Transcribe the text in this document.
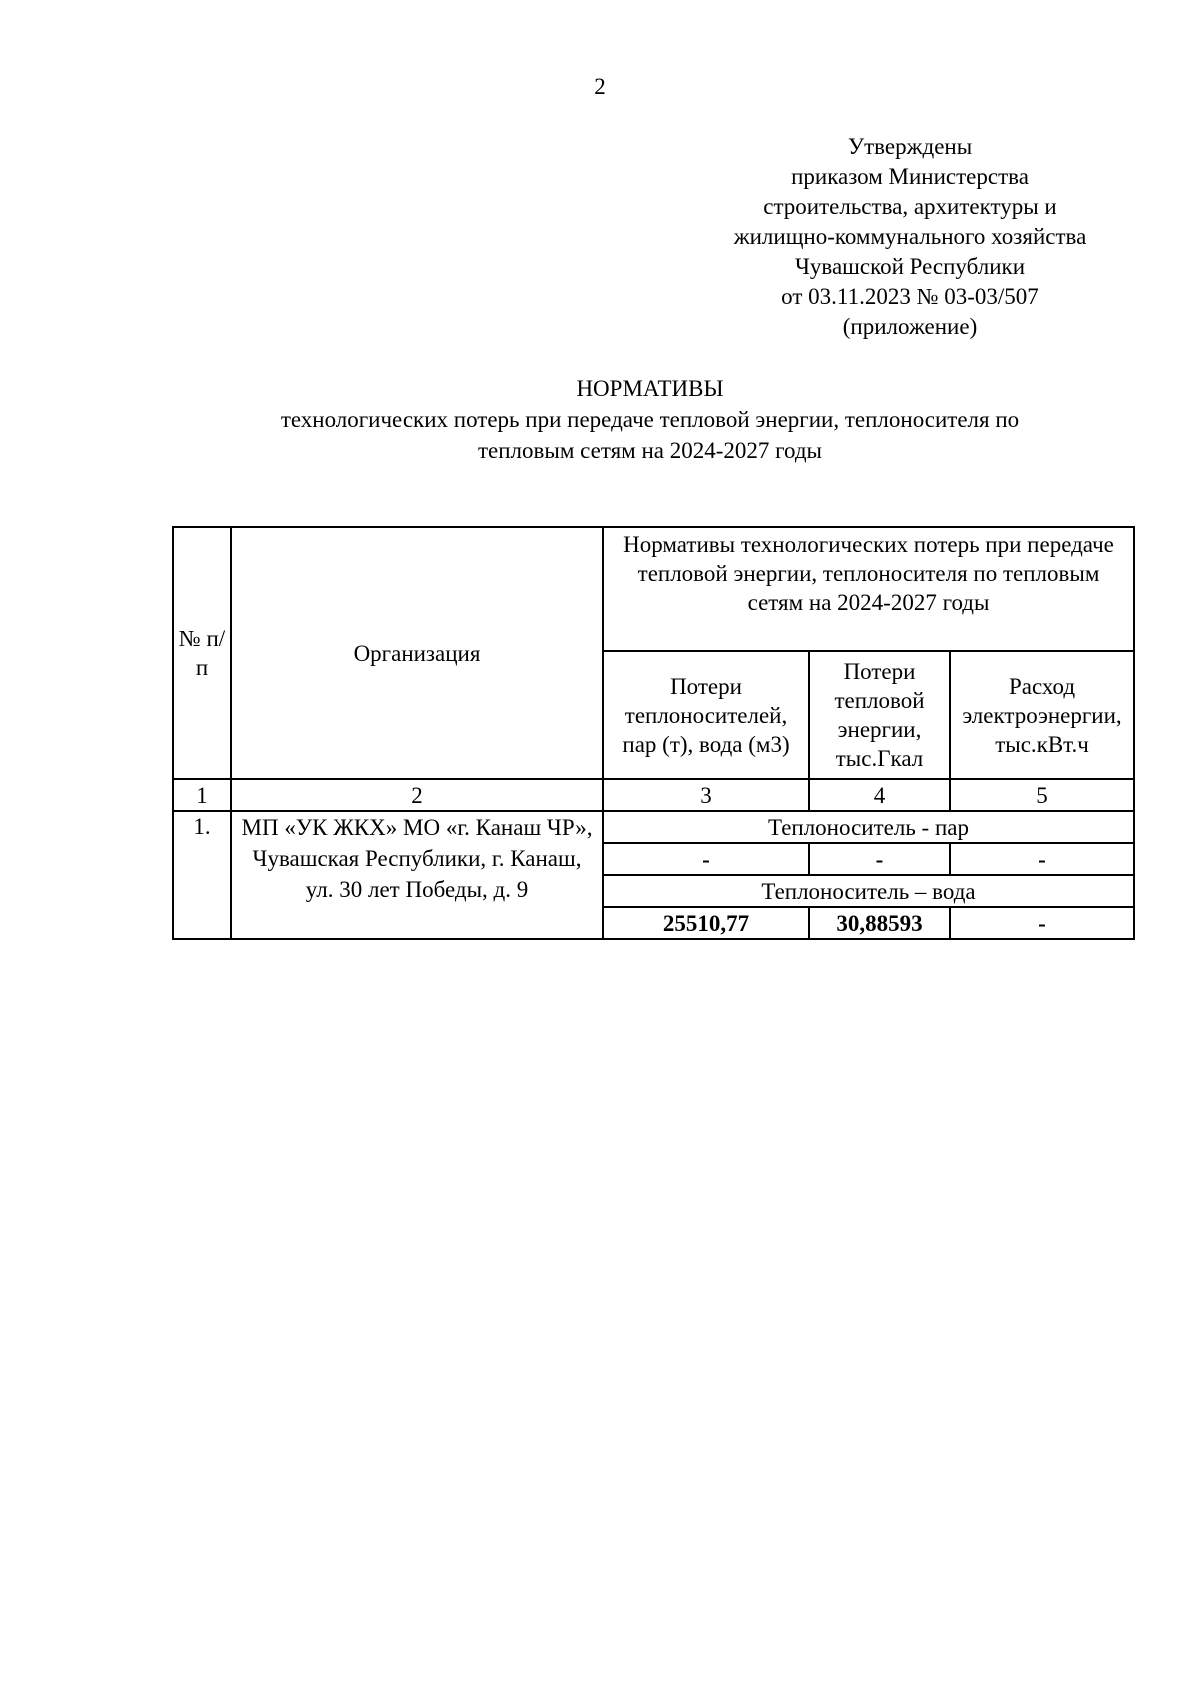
2
Утверждены
приказом Министерства
строительства, архитектуры и
жилищно-коммунального хозяйства
Чувашской Республики
от 03.11.2023 № 03-03/507
(приложение)
НОРМАТИВЫ
технологических потерь при передаче тепловой энергии, теплоносителя по
тепловым сетям на 2024-2027 годы
№ п/п	Организация	Нормативы технологических потерь при передаче тепловой энергии, теплоносителя по тепловым сетям на 2024-2027 годы		
		Потери теплоносителей, пар (т), вода (м3)	Потери тепловой энергии, тыс.Гкал	Расход электроэнергии, тыс.кВт.ч
1	2	3	4	5
1.	МП «УК ЖКХ» МО «г. Канаш ЧР», Чувашская Республики, г. Канаш, ул. 30 лет Победы, д. 9	Теплоноситель - пар		
		-	-	-
		Теплоноситель – вода		
		25510,77	30,88593	-
